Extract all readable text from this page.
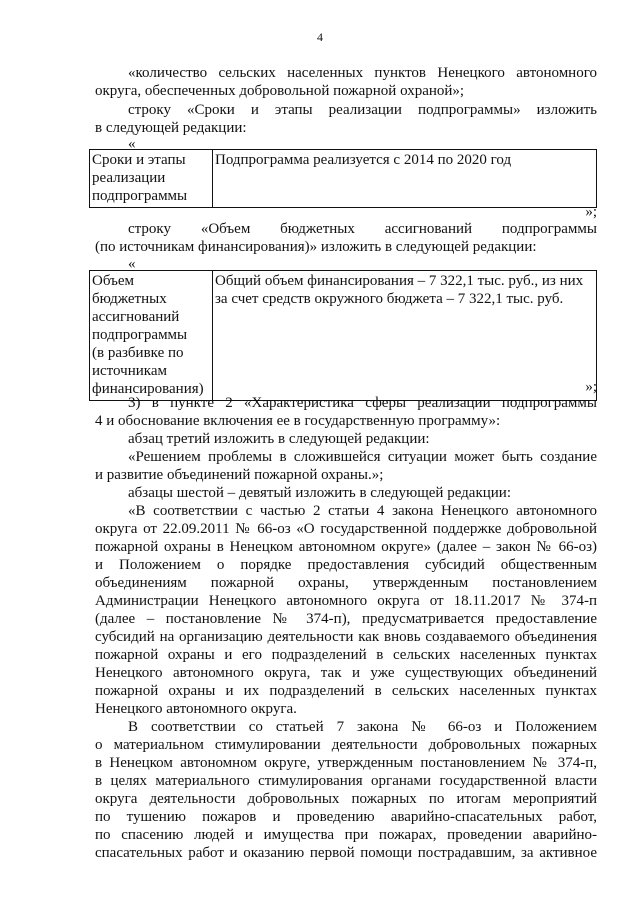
4
«количество сельских населенных пунктов Ненецкого автономного
округа, обеспеченных добровольной пожарной охраной»;
строку «Сроки и этапы реализации подпрограммы» изложить
в следующей редакции:
«
Сроки и этапы
реализации
подпрограммы

Подпрограмма реализуется с 2014 по 2020 год
»;
строку «Объем бюджетных ассигнований подпрограммы
(по источникам финансирования)» изложить в следующей редакции:
«
Объем бюджетных
ассигнований
подпрограммы
(в разбивке по
источникам
финансирования)

Общий объем финансирования – 7 322,1 тыс. руб., из них
за счет средств окружного бюджета – 7 322,1 тыс. руб.
»;
3) в пункте 2 «Характеристика сферы реализации подпрограммы
4 и обоснование включения ее в государственную программу»:
абзац третий изложить в следующей редакции:
«Решением проблемы в сложившейся ситуации может быть создание
и развитие объединений пожарной охраны.»;
абзацы шестой – девятый изложить в следующей редакции:
«В соответствии с частью 2 статьи 4 закона Ненецкого автономного
округа от 22.09.2011 № 66-оз «О государственной поддержке добровольной
пожарной охраны в Ненецком автономном округе» (далее – закон № 66-оз)
и Положением о порядке предоставления субсидий общественным
объединениям пожарной охраны, утвержденным постановлением
Администрации Ненецкого автономного округа от 18.11.2017 № 374-п
(далее – постановление № 374-п), предусматривается предоставление
субсидий на организацию деятельности как вновь создаваемого объединения
пожарной охраны и его подразделений в сельских населенных пунктах
Ненецкого автономного округа, так и уже существующих объединений
пожарной охраны и их подразделений в сельских населенных пунктах
Ненецкого автономного округа.
В соответствии со статьей 7 закона № 66-оз и Положением
о материальном стимулировании деятельности добровольных пожарных
в Ненецком автономном округе, утвержденным постановлением № 374-п,
в целях материального стимулирования органами государственной власти
округа деятельности добровольных пожарных по итогам мероприятий
по тушению пожаров и проведению аварийно-спасательных работ,
по спасению людей и имущества при пожарах, проведении аварийно-
спасательных работ и оказанию первой помощи пострадавшим, за активное
